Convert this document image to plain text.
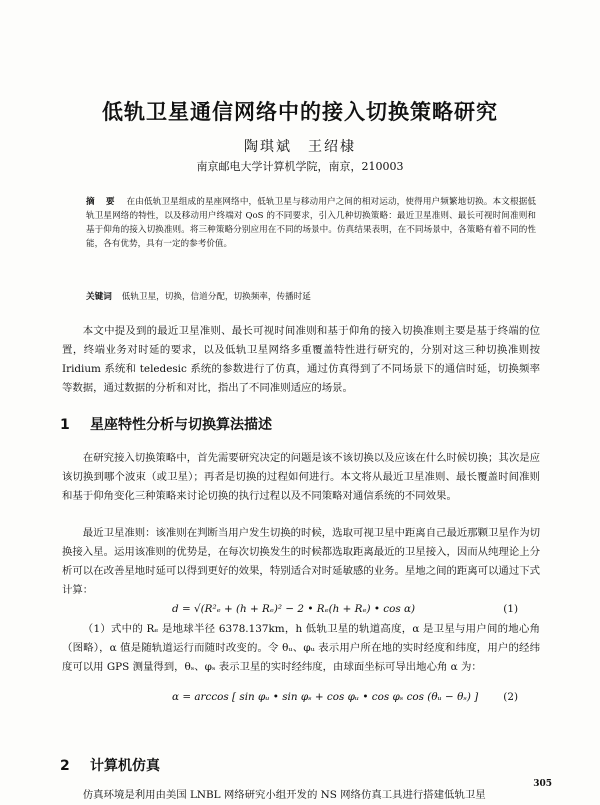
低轨卫星通信网络中的接入切换策略研究
陶琪斌　王绍棣
南京邮电大学计算机学院，南京，210003
摘 要 在由低轨卫星组成的星座网络中，低轨卫星与移动用户之间的相对运动，使得用户频繁地切换。本文根据低轨卫星网络的特性，以及移动用户终端对 QoS 的不同要求，引入几种切换策略：最近卫星准则、最长可视时间准则和基于仰角的接入切换准则。将三种策略分别应用在不同的场景中。仿真结果表明，在不同场景中，各策略有着不同的性能，各有优势，具有一定的参考价值。
关键词 低轨卫星，切换，信道分配，切换频率，传播时延
本文中提及到的最近卫星准则、最长可视时间准则和基于仰角的接入切换准则主要是基于终端的位置，终端业务对时延的要求，以及低轨卫星网络多重覆盖特性进行研究的，分别对这三种切换准则按 Iridium 系统和 teledesic 系统的参数进行了仿真，通过仿真得到了不同场景下的通信时延，切换频率等数据，通过数据的分析和对比，指出了不同准则适应的场景。
1 星座特性分析与切换算法描述
在研究接入切换策略中，首先需要研究决定的问题是该不该切换以及应该在什么时候切换；其次是应该切换到哪个波束（或卫星）；再者是切换的过程如何进行。本文将从最近卫星准则、最长覆盖时间准则和基于仰角变化三种策略来讨论切换的执行过程以及不同策略对通信系统的不同效果。
最近卫星准则：该准则在判断当用户发生切换的时候，选取可视卫星中距离自己最近那颗卫星作为切换接入星。运用该准则的优势是，在每次切换发生的时候都选取距离最近的卫星接入，因而从纯理论上分析可以在改善星地时延可以得到更好的效果，特别适合对时延敏感的业务。星地之间的距离可以通过下式计算：
d = √(R²ₑ + (h + Rₑ)² − 2 • Rₑ(h + Rₑ) • cos α)	(1)
（1）式中的 Rₑ 是地球半径 6378.137km，h 低轨卫星的轨道高度，α 是卫星与用户间的地心角（图略），α 值是随轨道运行而随时改变的。令 θᵤ、φᵤ 表示用户所在地的实时经度和纬度，用户的经纬度可以用 GPS 测量得到，θₛ、φₛ 表示卫星的实时经纬度，由球面坐标可导出地心角 α 为：
α = arccos [ sin φᵤ • sin φₛ + cos φᵤ • cos φₛ cos (θᵤ − θₛ) ] (2)
2 计算机仿真
仿真环境是利用由美国 LNBL 网络研究小组开发的 NS 网络仿真工具进行搭建低轨卫星
305
